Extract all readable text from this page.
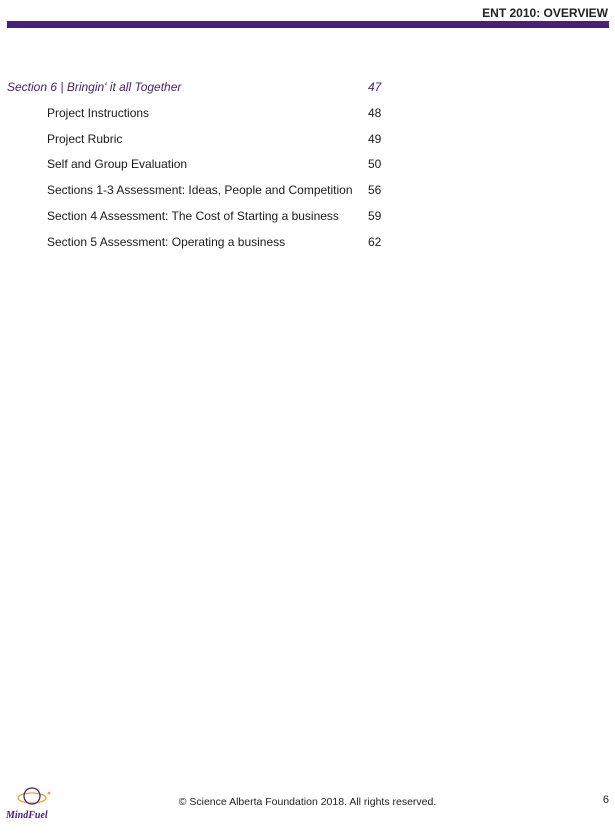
ENT 2010: OVERVIEW
Section 6 | Bringin' it all Together	47
Project Instructions	48
Project Rubric	49
Self and Group Evaluation	50
Sections 1-3 Assessment: Ideas, People and Competition 56
Section 4 Assessment: The Cost of Starting a business 59
Section 5 Assessment: Operating a business	62
MindFuel
© Science Alberta Foundation 2018. All rights reserved.	6
